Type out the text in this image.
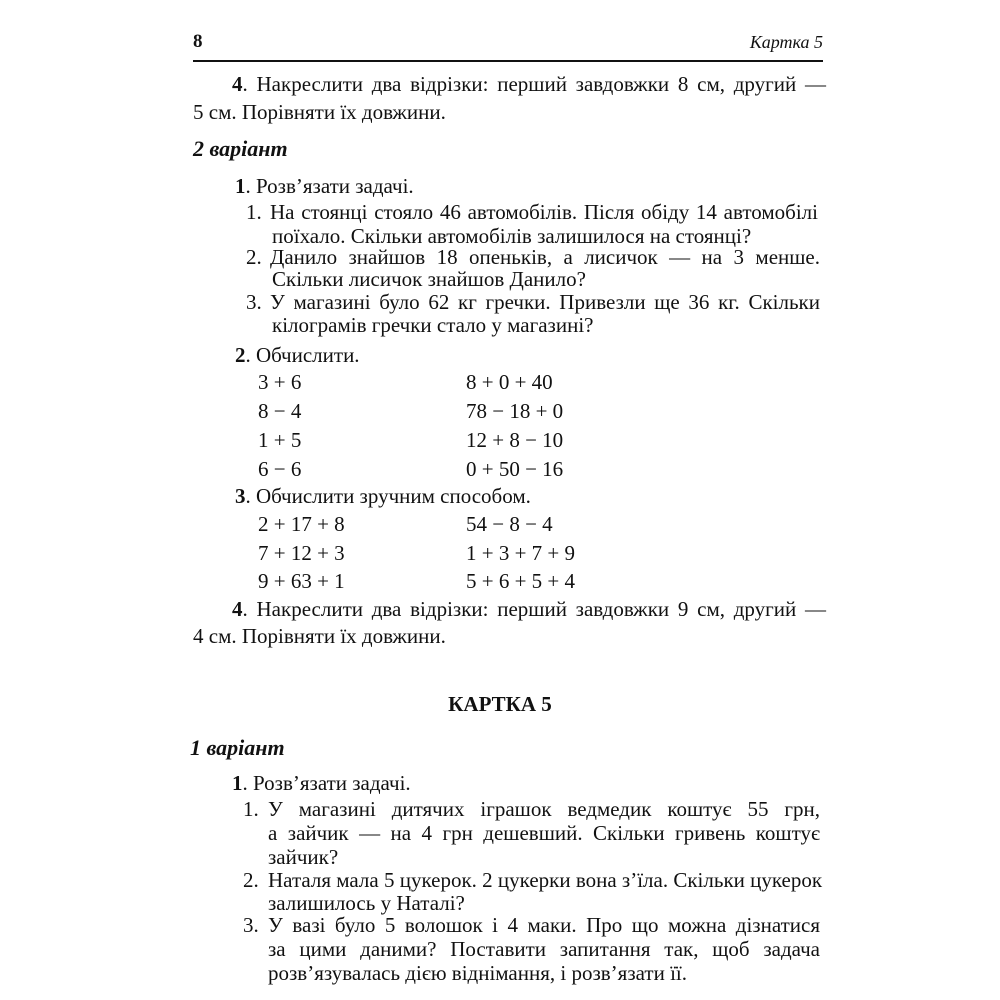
8	Картка 5
4. Накреслити два відрізки: перший завдовжки 8 см, другий —
5 см. Порівняти їх довжини.
2 варіант
1. Розв’язати задачі.
1. На стоянці стояло 46 автомобілів. Після обіду 14 автомобілі
поїхало. Скільки автомобілів залишилося на стоянці?
2. Данило знайшов 18 опеньків, а лисичок — на 3 менше.
Скільки лисичок знайшов Данило?
3. У магазині було 62 кг гречки. Привезли ще 36 кг. Скільки
кілограмів гречки стало у магазині?
2. Обчислити.
3 + 6
8 − 4
1 + 5
6 − 6
8 + 0 + 40
78 − 18 + 0
12 + 8 − 10
0 + 50 − 16
3. Обчислити зручним способом.
2 + 17 + 8
7 + 12 + 3
9 + 63 + 1
54 − 8 − 4
1 + 3 + 7 + 9
5 + 6 + 5 + 4
4. Накреслити два відрізки: перший завдовжки 9 см, другий —
4 см. Порівняти їх довжини.
КАРТКА 5
1 варіант
1. Розв’язати задачі.
1. У магазині дитячих іграшок ведмедик коштує 55 грн,
а зайчик — на 4 грн дешевший. Скільки гривень коштує
зайчик?
2. Наталя мала 5 цукерок. 2 цукерки вона з’їла. Скільки цукерок
залишилось у Наталі?
3. У вазі було 5 волошок і 4 маки. Про що можна дізнатися
за цими даними? Поставити запитання так, щоб задача
розв’язувалась дією віднімання, і розв’язати її.
